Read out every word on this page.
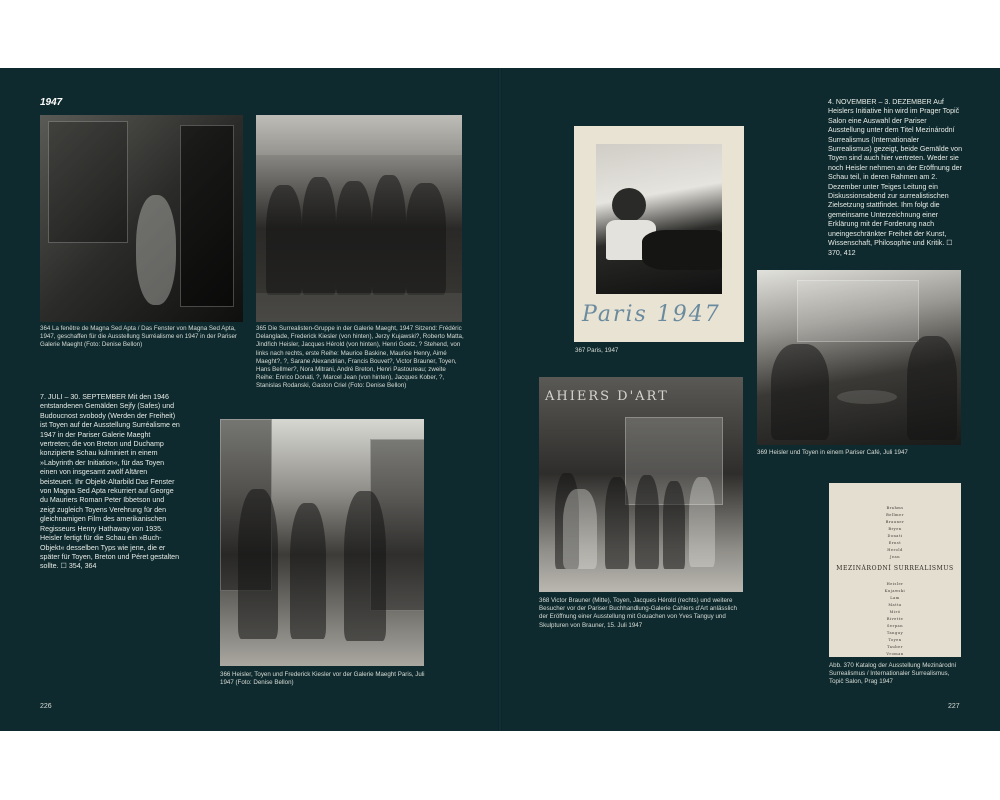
1947
364 La fenêtre de Magna Sed Apta / Das Fenster von Magna Sed Apta, 1947, geschaffen für die Ausstellung Surréalisme en 1947 in der Pariser Galerie Maeght (Foto: Denise Bellon)
365 Die Surrealisten-Gruppe in der Galerie Maeght, 1947 Sitzend: Frédéric Delanglade, Frederick Kiesler (von hinten), Jerzy Kujawski?, Roberto Matta, Jindřich Heisler, Jacques Hérold (von hinten), Henri Goetz, ? Stehend, von links nach rechts, erste Reihe: Maurice Baskine, Maurice Henry, Aimé Maeght?, ?, Sarane Alexandrian, Francis Bouvet?, Victor Brauner, Toyen, Hans Bellmer?, Nora Mitrani, André Breton, Henri Pastoureau; zweite Reihe: Enrico Donati, ?, Marcel Jean (von hinten), Jacques Kober, ?, Stanislas Rodanski, Gaston Criel (Foto: Denise Bellon)
7. JULI – 30. SEPTEMBER Mit den 1946 entstandenen Gemälden Sejfy (Safes) und Budoucnost svobody (Werden der Freiheit) ist Toyen auf der Ausstellung Surréalisme en 1947 in der Pariser Galerie Maeght vertreten; die von Breton und Duchamp konzipierte Schau kulminiert in einem »Labyrinth der Initiation«, für das Toyen einen von insgesamt zwölf Altären beisteuert. Ihr Objekt-Altarbild Das Fenster von Magna Sed Apta rekurriert auf George du Mauriers Roman Peter Ibbetson und zeigt zugleich Toyens Verehrung für den gleichnamigen Film des amerikanischen Regisseurs Henry Hathaway von 1935. Heisler fertigt für die Schau ein »Buch-Objekt« desselben Typs wie jene, die er später für Toyen, Breton und Péret gestalten sollte. ☐ 354, 364
366 Heisler, Toyen und Frederick Kiesler vor der Galerie Maeght Paris, Juli 1947 (Foto: Denise Bellon)
226
Paris 1947
367 Paris, 1947
4. NOVEMBER – 3. DEZEMBER Auf Heislers Initiative hin wird im Prager Topič Salon eine Auswahl der Pariser Ausstellung unter dem Titel Mezinárodní Surrealismus (Internationaler Surrealismus) gezeigt, beide Gemälde von Toyen sind auch hier vertreten. Weder sie noch Heisler nehmen an der Eröffnung der Schau teil, in deren Rahmen am 2. Dezember unter Teiges Leitung ein Diskussionsabend zur surrealistischen Zielsetzung stattfindet. Ihm folgt die gemeinsame Unterzeichnung einer Erklärung mit der Forderung nach uneingeschränkter Freiheit der Kunst, Wissenschaft, Philosophie und Kritik. ☐ 370, 412
369 Heisler und Toyen in einem Pariser Café, Juli 1947
AHIERS D'ART
368 Victor Brauner (Mitte), Toyen, Jacques Hérold (rechts) und weitere Besucher vor der Pariser Buchhandlung-Galerie Cahiers d'Art anlässlich der Eröffnung einer Ausstellung mit Gouachen von Yves Tanguy und Skulpturen von Brauner, 15. Juli 1947
Brahms
Bellmer
Brauner
Bryen
Donati
Ernst
Herold
Jean
MEZINÁRODNÍ SURREALISMUS
Heisler
Kujawski
Lam
Matta
Miró
Rivette
Serpan
Tanguy
Toyen
Tauber
Vroman
Abb. 370 Katalog der Ausstellung Mezinárodní Surrealismus / Internationaler Surrealismus, Topič Salon, Prag 1947
227
